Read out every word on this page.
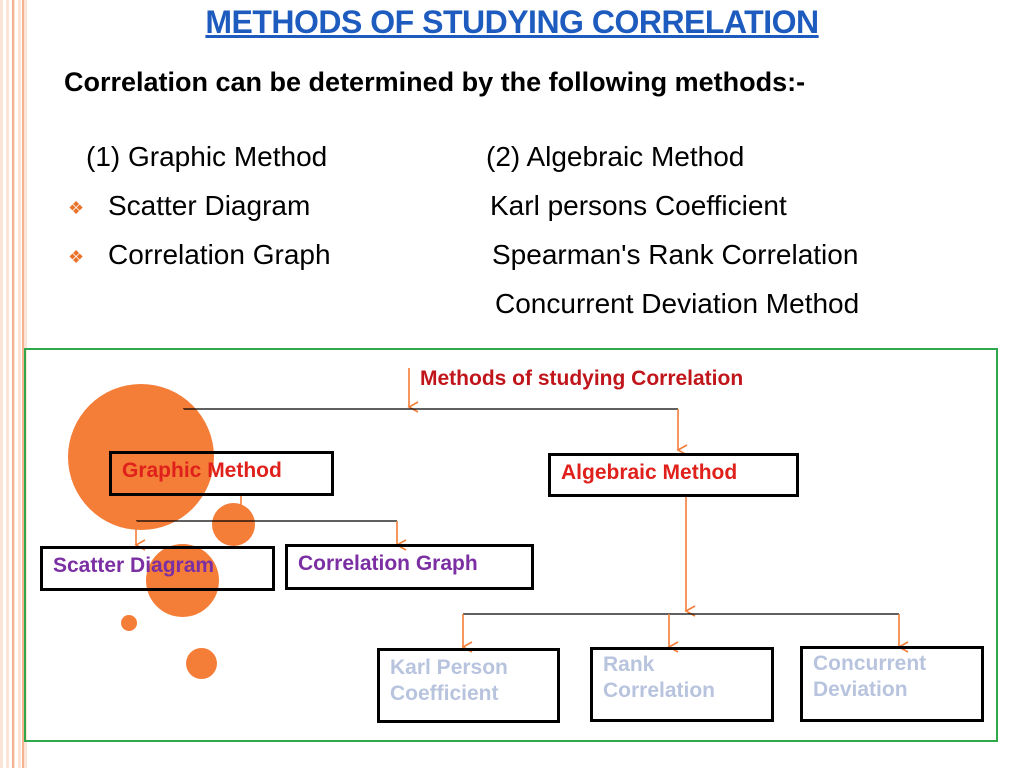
METHODS OF STUDYING CORRELATION
Correlation can be determined by the following methods:-
(1) Graphic Method	(2) Algebraic Method
❖ Scatter Diagram	Karl persons Coefficient
❖ Correlation Graph	Spearman's Rank Correlation
Concurrent Deviation Method
Methods of studying Correlation
Graphic Method	Algebraic Method
Scatter Diagram	Correlation Graph
Karl Person
Coefficient
Rank
Correlation
Concurrent
Deviation
